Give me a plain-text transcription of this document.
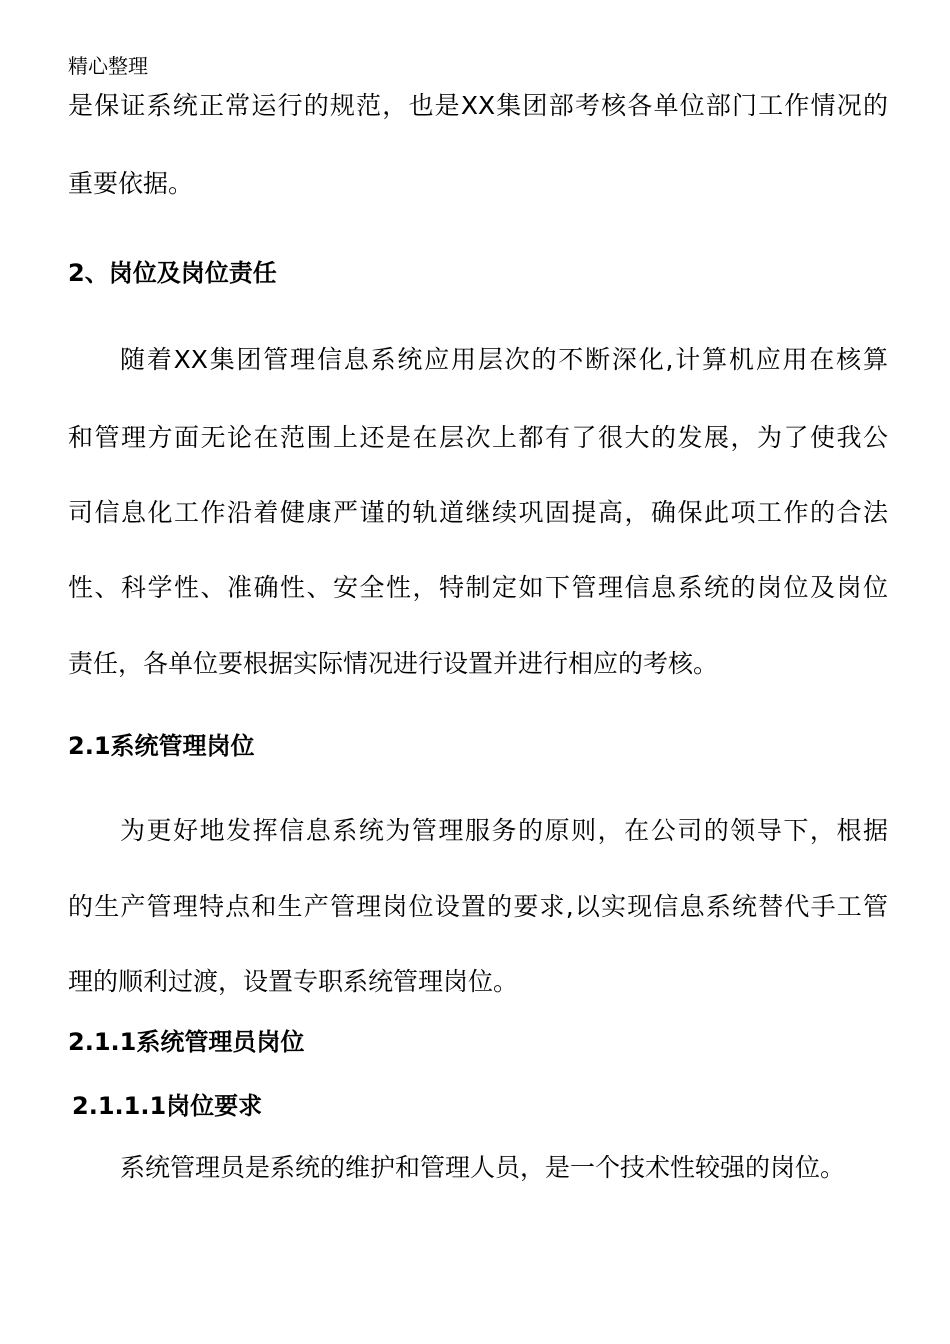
精心整理
是保证系统正常运行的规范，也是XX集团部考核各单位部门工作情况的
重要依据。
2、岗位及岗位责任
随着XX集团管理信息系统应用层次的不断深化,计算机应用在核算
和管理方面无论在范围上还是在层次上都有了很大的发展，为了使我公
司信息化工作沿着健康严谨的轨道继续巩固提高，确保此项工作的合法
性、科学性、准确性、安全性，特制定如下管理信息系统的岗位及岗位
责任，各单位要根据实际情况进行设置并进行相应的考核。
2.1系统管理岗位
为更好地发挥信息系统为管理服务的原则，在公司的领导下，根据
的生产管理特点和生产管理岗位设置的要求,以实现信息系统替代手工管
理的顺利过渡，设置专职系统管理岗位。
2.1.1系统管理员岗位
2.1.1.1岗位要求
系统管理员是系统的维护和管理人员，是一个技术性较强的岗位。
